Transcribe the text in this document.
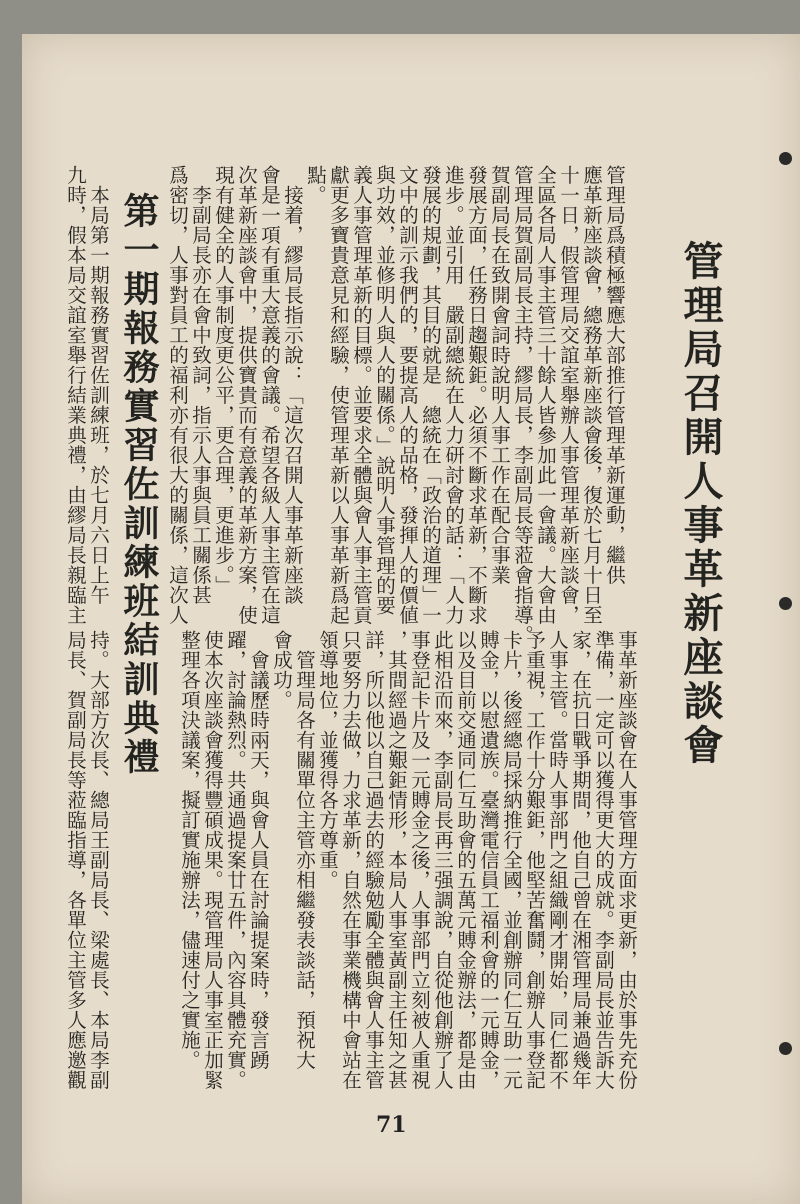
管理局召開人事革新座談會
管理局爲積極響應大部推行管理革新運動，繼供
應革新座談會，總務革新座談會後，復於七月十日至
十一日，假管理局交誼室舉辦人事管理革新座談會，
全區各局人事主管三十餘人皆參加此一會議。大會由
管理局賀副局長主持，繆局長，李副局長等蒞會指導。
賀副局長在致開會詞時說明人事工作在配合事業
發展方面，任務日趨艱鉅。必須不斷求革新，不斷求
進步。並引用　嚴副總統在人力研討會的話：「人力
發展的規劃，其目的就是　總統在「政治的道理」一
文中的訓示我們的，要提高人的品格，發揮人的價値
與功效，並修明人與人的關係。」說明人事管理的要
義人事管理革新的目標。並要求全體與會人事主管貢
獻更多寶貴意見和經驗，使管理革新以人事革新爲起
點。
　接着，繆局長指示說：「這次召開人事革新座談
會是一項有重大意義的會議。希望各級人事主管在這
次革新座談會中，提供寶貴而有意義的革新方案，使
現有健全的人事制度更公平，更合理，更進步。」
　李副局長亦在會中致詞，指示人事與員工關係甚
爲密切，人事對員工的福利亦有很大的關係，這次人
事革新座談會在人事管理方面求更新，由於事先充份
準備，一定可以獲得更大的成就。李副局長並告訴大
家，在抗日戰爭期間，他自己曾在湘管理局兼過幾年
人事主管。當時人事部門之組織剛才開始，同仁都不
予重視，工作十分艱鉅，他堅苦奮鬪，創辦人事登記
卡片，後經總局採納推行全國，並創辦同仁互助一元
賻金，以慰遺族。臺灣電信員工福利會的一元賻金，
以及目前交通同仁互助會的五萬元賻金辦法，都是由
此相沿而來，李副局長再三强調說，自從他創辦了人
事登記卡片及一元賻金之後，人事部門立刻被人重視
，其間經過之艱鉅情形，本局人事室黃副主任知之甚
詳，所以他以自己過去的經驗勉勵全體與會人事主管
只要努力去做，力求革新，自然在事業機構中會站在
領導地位，並獲得各方尊重。
　管理局各有關單位主管亦相繼發表談話，預祝大
會成功。
　會議歷時兩天，與會人員在討論提案時，發言踴
躍，討論熱烈。共通過提案廿五件，內容具體充實。
使本次座談會獲得豐碩成果。現管理局人事室正加緊
整理各項決議案，擬訂實施辦法，儘速付之實施。
第一期報務實習佐訓練班結訓典禮
　本局第一期報務實習佐訓練班，於七月六日上午
九時，假本局交誼室舉行結業典禮，由繆局長親臨主
持。大部方次長、總局王副局長、梁處長、本局李副
局長、賀副局長等蒞臨指導，各單位主管多人應邀觀
71
